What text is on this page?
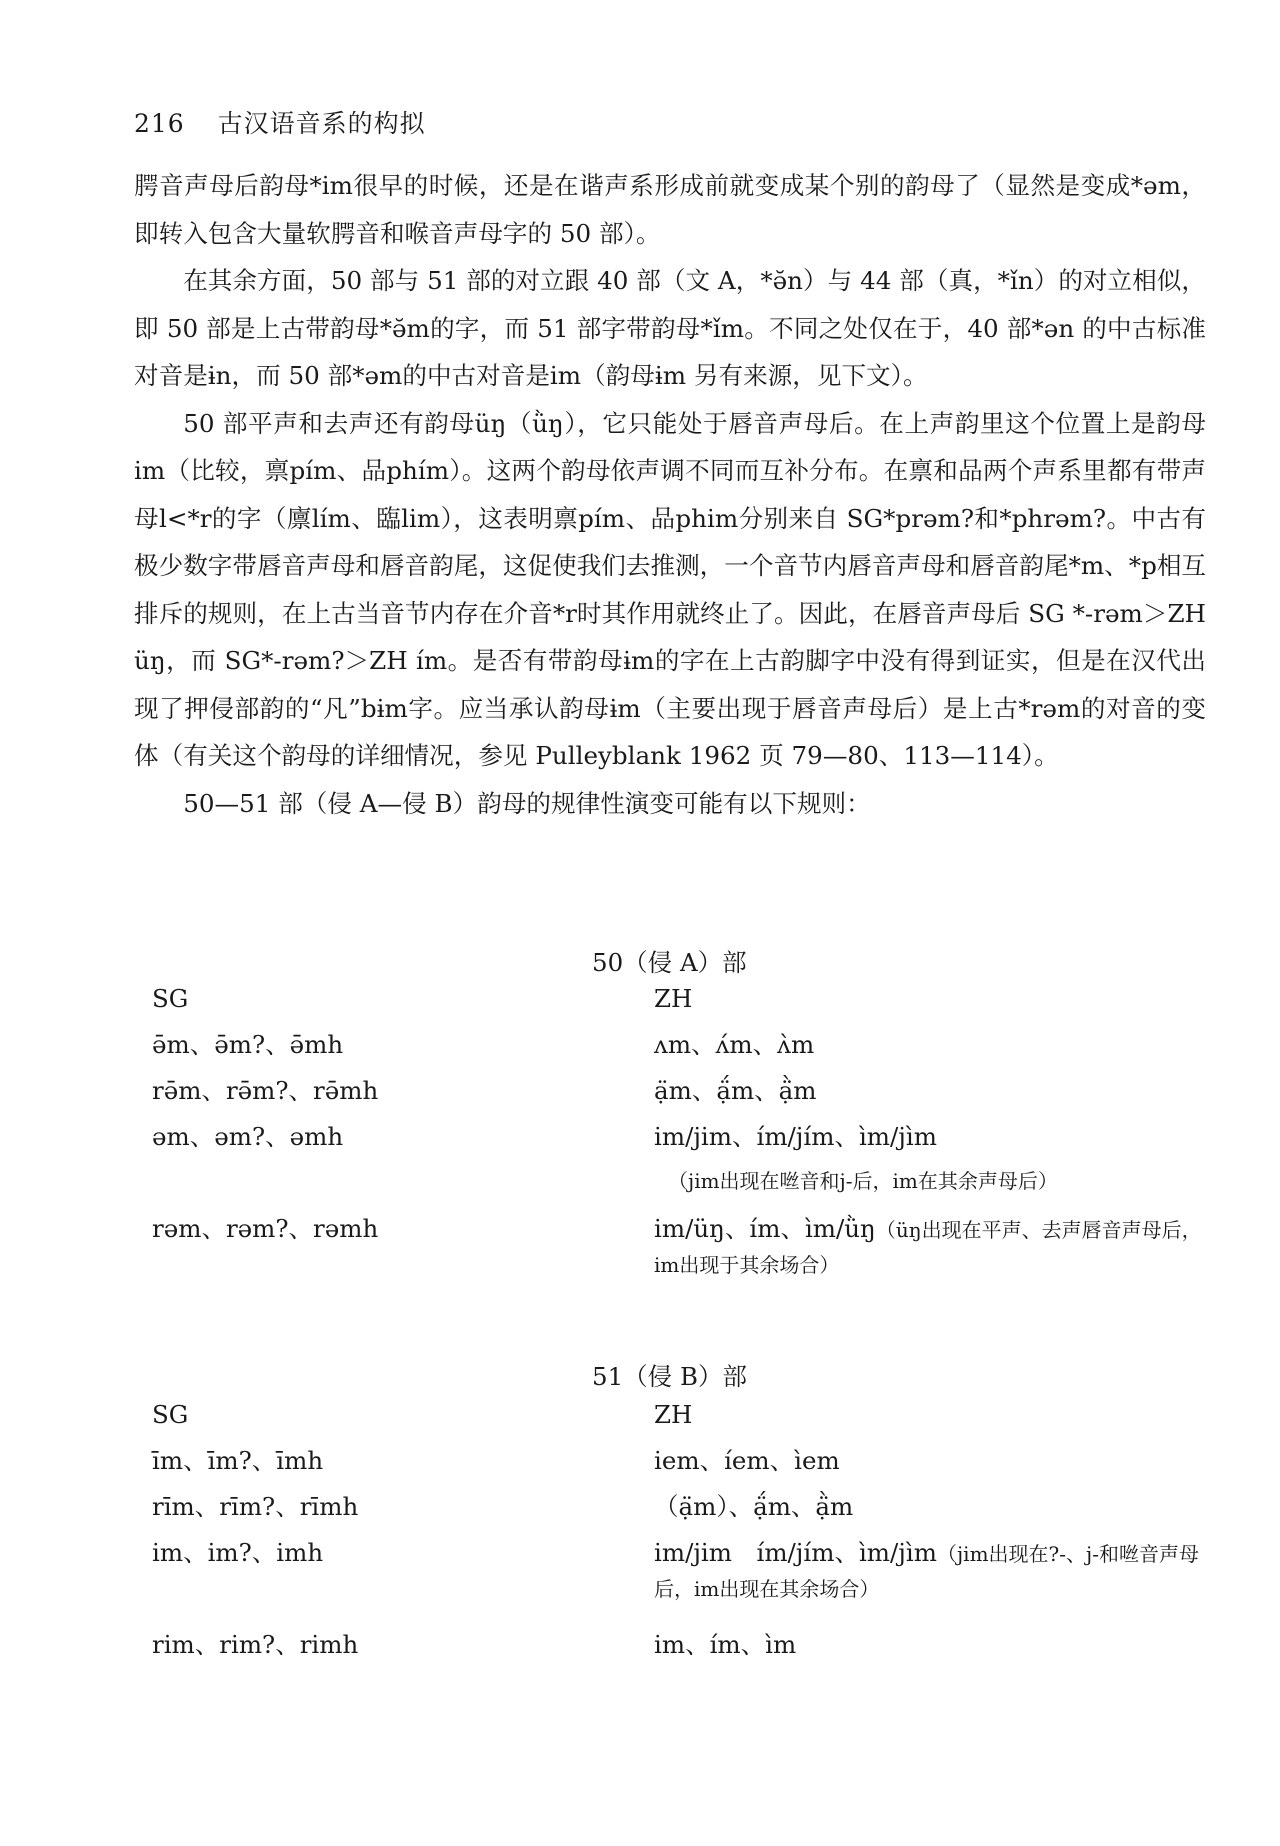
216 古汉语音系的构拟

腭音声母后韵母*im很早的时候，还是在谐声系形成前就变成某个别的韵母了（显然是变成*əm，即转入包含大量软腭音和喉音声母字的 50 部）。

在其余方面，50 部与 51 部的对立跟 40 部（文 A，*ə̆n）与 44 部（真，*ǐn）的对立相似，即 50 部是上古带韵母*ə̆m的字，而 51 部字带韵母*ǐm。不同之处仅在于，40 部*ən 的中古标准对音是ɨn，而 50 部*əm的中古对音是im（韵母ɨm 另有来源，见下文）。

50 部平声和去声还有韵母üŋ（ǜŋ），它只能处于唇音声母后。在上声韵里这个位置上是韵母im（比较，禀pím、品phím）。这两个韵母依声调不同而互补分布。在禀和品两个声系里都有带声母l<*r的字（廪lím、臨lim），这表明禀pím、品phim分别来自 SG*prəm?和*phrəm?。中古有极少数字带唇音声母和唇音韵尾，这促使我们去推测，一个音节内唇音声母和唇音韵尾*m、*p相互排斥的规则，在上古当音节内存在介音*r时其作用就终止了。因此，在唇音声母后 SG *-rəm＞ZH üŋ，而 SG*-rəm?＞ZH ím。是否有带韵母ɨm的字在上古韵脚字中没有得到证实，但是在汉代出现了押侵部韵的“凡”bɨm字。应当承认韵母ɨm（主要出现于唇音声母后）是上古*rəm的对音的变体（有关这个韵母的详细情况，参见 Pulleyblank 1962 页 79—80、113—114）。

50—51 部（侵 A—侵 B）韵母的规律性演变可能有以下规则：

50（侵 A）部
SG	ZH
ə̄m、ə̄m?、ə̄mh	ʌm、ʌ́m、ʌ̀m
rə̄m、rə̄m?、rə̄mh	ạ̈m、ạ̈́m、ạ̈̀m
əm、əm?、əmh	im/jim、ím/jím、ìm/jìm
（jim出现在咝音和j-后，im在其余声母后）
rəm、rəm?、rəmh	im/üŋ、ím、ìm/ǜŋ（üŋ出现在平声、去声唇音声母后，im出现于其余场合）
51（侵 B）部
SG	ZH
īm、īm?、īmh	iem、íem、ìem
rīm、rīm?、rīmh	（ạ̈m）、ạ̈́m、ạ̈̀m
im、im?、imh	im/jim　ím/jím、ìm/jìm（jim出现在?-、j-和咝音声母后，im出现在其余场合）
rim、rim?、rimh	im、ím、ìm
